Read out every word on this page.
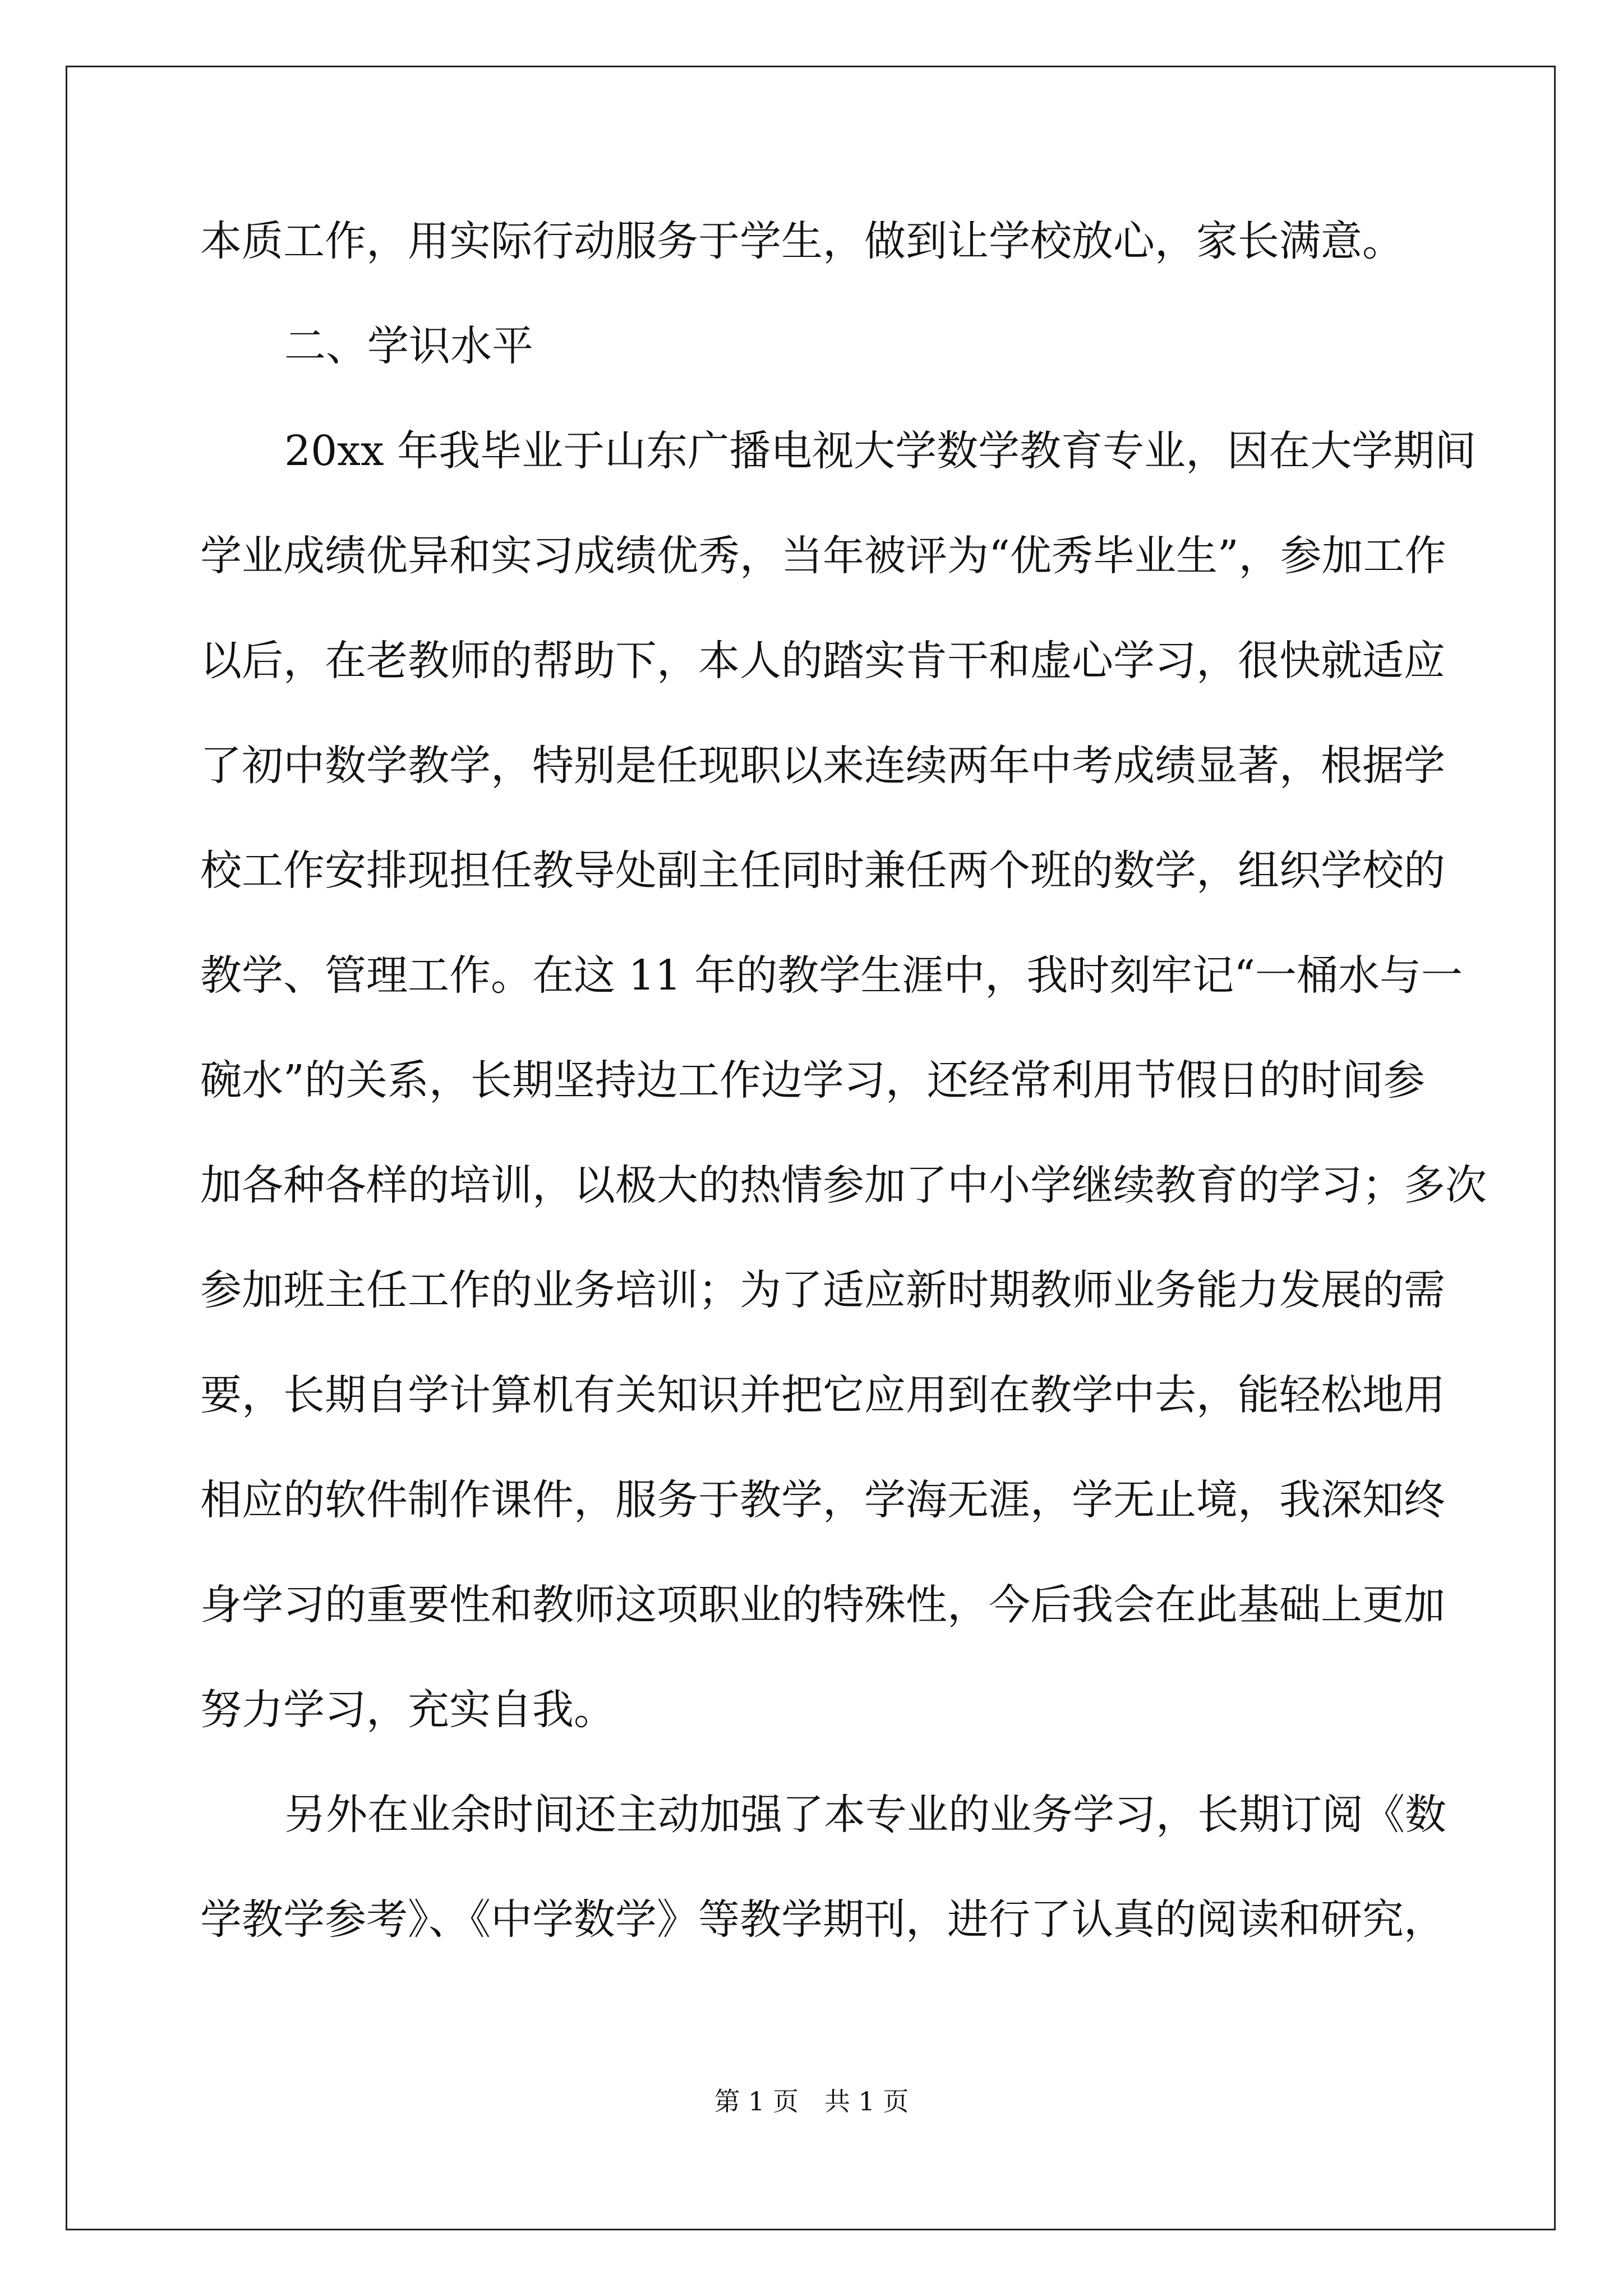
本质工作，用实际行动服务于学生，做到让学校放心，家长满意。
二、学识水平
20xx 年我毕业于山东广播电视大学数学教育专业，因在大学期间
学业成绩优异和实习成绩优秀，当年被评为“优秀毕业生”，参加工作
以后，在老教师的帮助下，本人的踏实肯干和虚心学习，很快就适应
了初中数学教学，特别是任现职以来连续两年中考成绩显著，根据学
校工作安排现担任教导处副主任同时兼任两个班的数学，组织学校的
教学、管理工作。在这 11 年的教学生涯中，我时刻牢记“一桶水与一
碗水”的关系，长期坚持边工作边学习，还经常利用节假日的时间参
加各种各样的培训，以极大的热情参加了中小学继续教育的学习；多次
参加班主任工作的业务培训；为了适应新时期教师业务能力发展的需
要，长期自学计算机有关知识并把它应用到在教学中去，能轻松地用
相应的软件制作课件，服务于教学，学海无涯，学无止境，我深知终
身学习的重要性和教师这项职业的特殊性，今后我会在此基础上更加
努力学习，充实自我。
另外在业余时间还主动加强了本专业的业务学习，长期订阅《数
学教学参考》、《中学数学》等教学期刊，进行了认真的阅读和研究，
第 1 页　共 1 页
